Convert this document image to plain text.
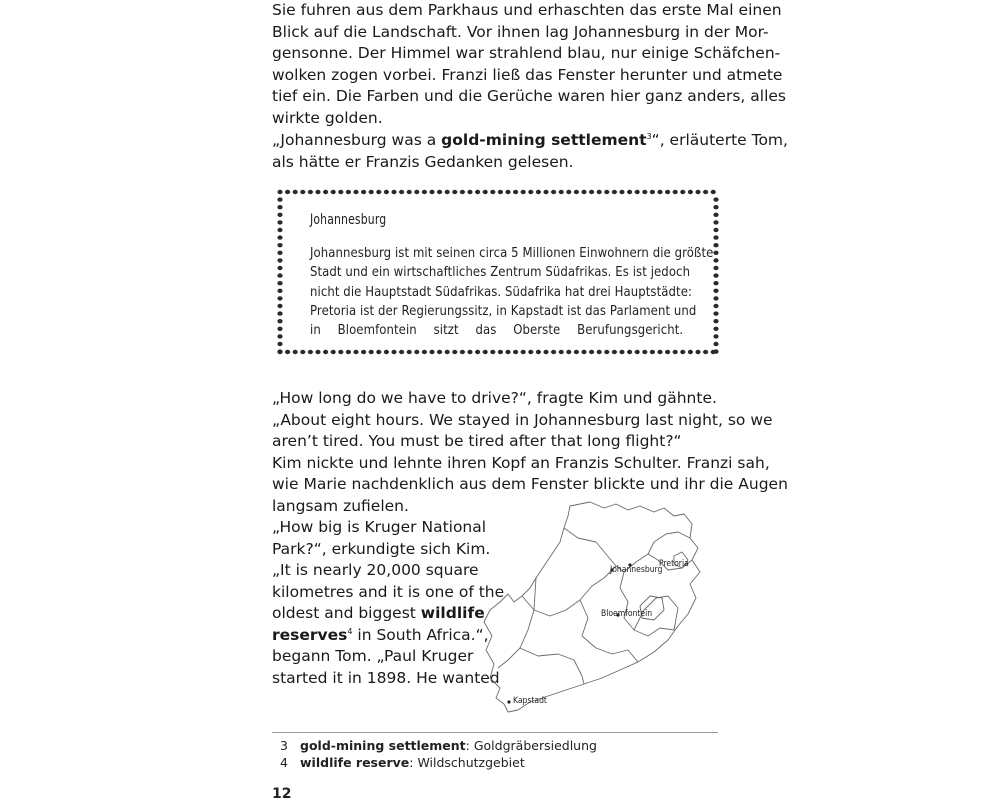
Sie fuhren aus dem Parkhaus und erhaschten das erste Mal einen
Blick auf die Landschaft. Vor ihnen lag Johannesburg in der Mor-
gensonne. Der Himmel war strahlend blau, nur einige Schäfchen-
wolken zogen vorbei. Franzi ließ das Fenster herunter und atmete
tief ein. Die Farben und die Gerüche waren hier ganz anders, alles
wirkte golden.
„Johannesburg was a gold-mining settlement$^3$“, erläuterte Tom,
als hätte er Franzis Gedanken gelesen.
Johannesburg
Johannesburg ist mit seinen circa 5 Millionen Einwohnern die größte
Stadt und ein wirtschaftliches Zentrum Südafrikas. Es ist jedoch
nicht die Hauptstadt Südafrikas. Südafrika hat drei Hauptstädte:
Pretoria ist der Regierungssitz, in Kapstadt ist das Parlament und
in Bloemfontein sitzt das Oberste Berufungsgericht.
„How long do we have to drive?“, fragte Kim und gähnte.
„About eight hours. We stayed in Johannesburg last night, so we
aren’t tired. You must be tired after that long flight?“
Kim nickte und lehnte ihren Kopf an Franzis Schulter. Franzi sah,
wie Marie nachdenklich aus dem Fenster blickte und ihr die Augen
langsam zufielen.
„How big is Kruger National
Park?“, erkundigte sich Kim.
„It is nearly 20,000 square
kilometres and it is one of the
oldest and biggest wildlife
reserves$^4$ in South Africa.“,
begann Tom. „Paul Kruger
started it in 1898. He wanted
Johannesburg
Pretoria
Bloemfontein
Kapstadt
3 gold-mining settlement: Goldgräbersiedlung
4 wildlife reserve: Wildschutzgebiet
12
